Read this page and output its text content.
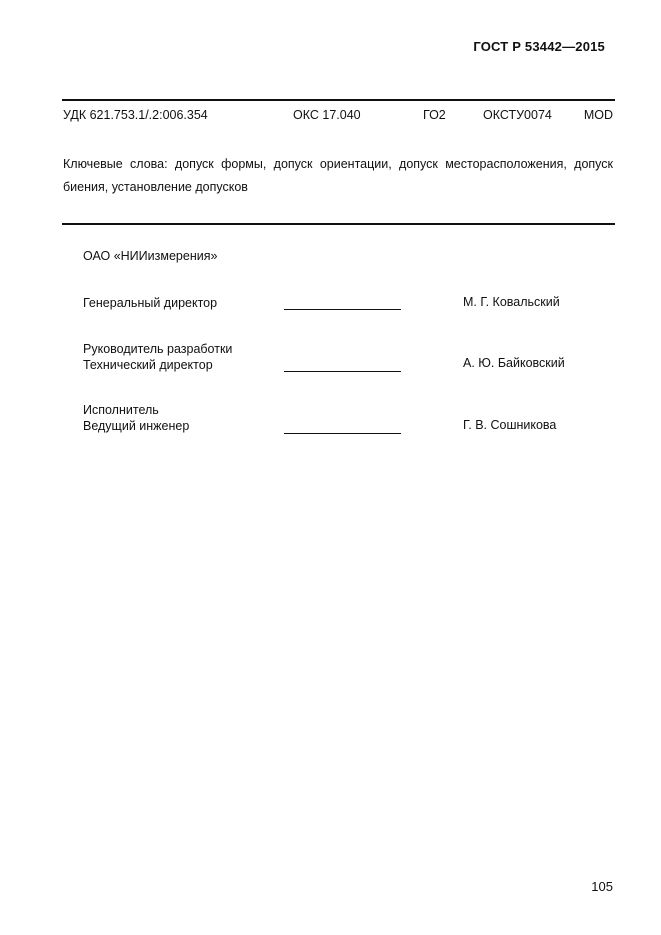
ГОСТ Р 53442—2015
УДК 621.753.1/.2:006.354	ОКС 17.040	ГО2	ОКСТУ0074	MOD
Ключевые слова: допуск формы, допуск ориентации, допуск месторасположения, допуск биения, установление допусков
ОАО «НИИизмерения»
Генеральный директор	М. Г. Ковальский
Руководитель разработки
Технический директор	А. Ю. Байковский
Исполнитель
Ведущий инженер	Г. В. Сошникова
105
